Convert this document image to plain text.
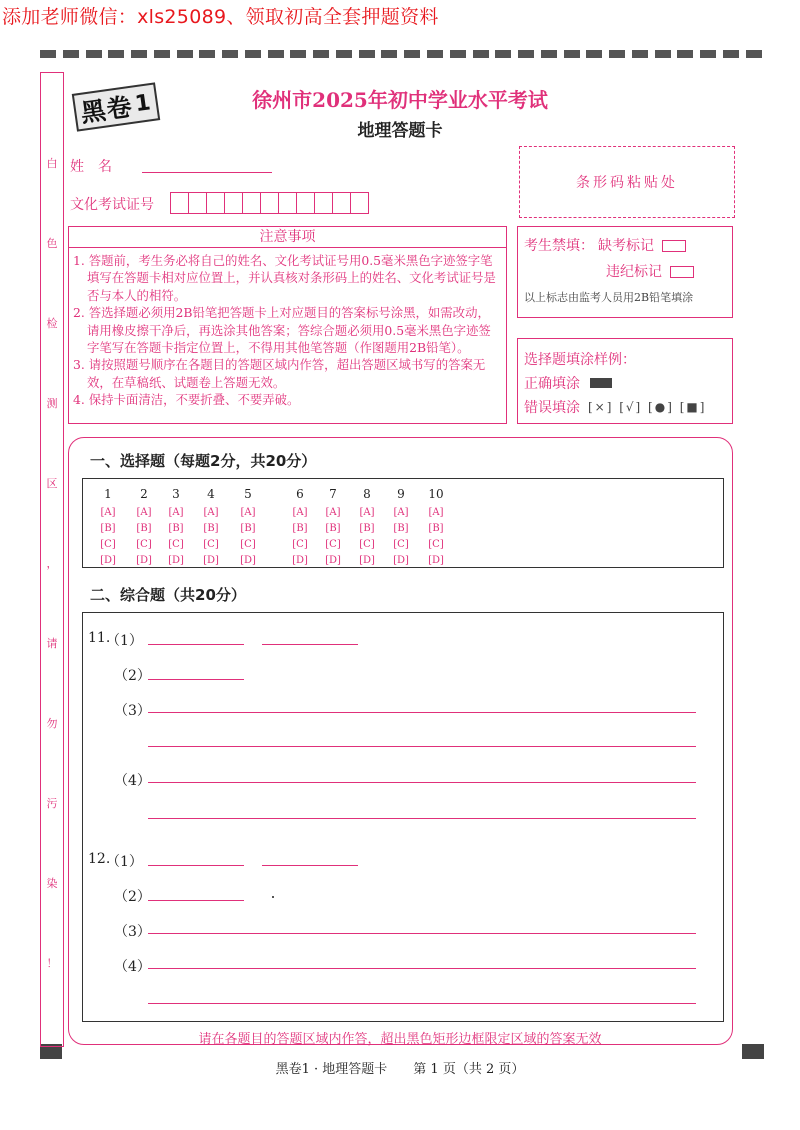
添加老师微信：xls25089、领取初高全套押题资料
白
色
检
测
区
，
请
勿
污
染
！
黑卷 1	徐州市2025年初中学业水平考试
地理答题卡
姓　名
文化考试证号
条形码粘贴处
注意事项

1. 答题前，考生务必将自己的姓名、文化考试证号用0.5毫米黑色字迹签字笔填写在答题卡相对应位置上，并认真核对条形码上的姓名、文化考试证号是否与本人的相符。

2. 答选择题必须用2B铅笔把答题卡上对应题目的答案标号涂黑，如需改动，请用橡皮擦干净后，再选涂其他答案；答综合题必须用0.5毫米黑色字迹签字笔写在答题卡指定位置上，不得用其他笔答题（作图题用2B铅笔）。

3. 请按照题号顺序在各题目的答题区域内作答，超出答题区域书写的答案无效，在草稿纸、试题卷上答题无效。

4. 保持卡面清洁，不要折叠、不要弄破。

考生禁填： 缺考标记
违纪标记
以上标志由监考人员用2B铅笔填涂
选择题填涂样例：
正确填涂
错误填涂 [×] [√] [●] [■]
一、选择题（每题2分，共20分）
1
[A]
[B]
[C]
[D]
2
[A]
[B]
[C]
[D]
3
[A]
[B]
[C]
[D]
4
[A]
[B]
[C]
[D]
5
[A]
[B]
[C]
[D]
6
[A]
[B]
[C]
[D]
7
[A]
[B]
[C]
[D]
8
[A]
[B]
[C]
[D]
9
[A]
[B]
[C]
[D]
10
[A]
[B]
[C]
[D]
二、综合题（共20分）
11.
（1）
（2）
（3）
（4）
12.
（1）
（2）
（3）
（4）
请在各题目的答题区域内作答，超出黑色矩形边框限定区域的答案无效
黑卷1 · 地理答题卡　　第 1 页（共 2 页）
